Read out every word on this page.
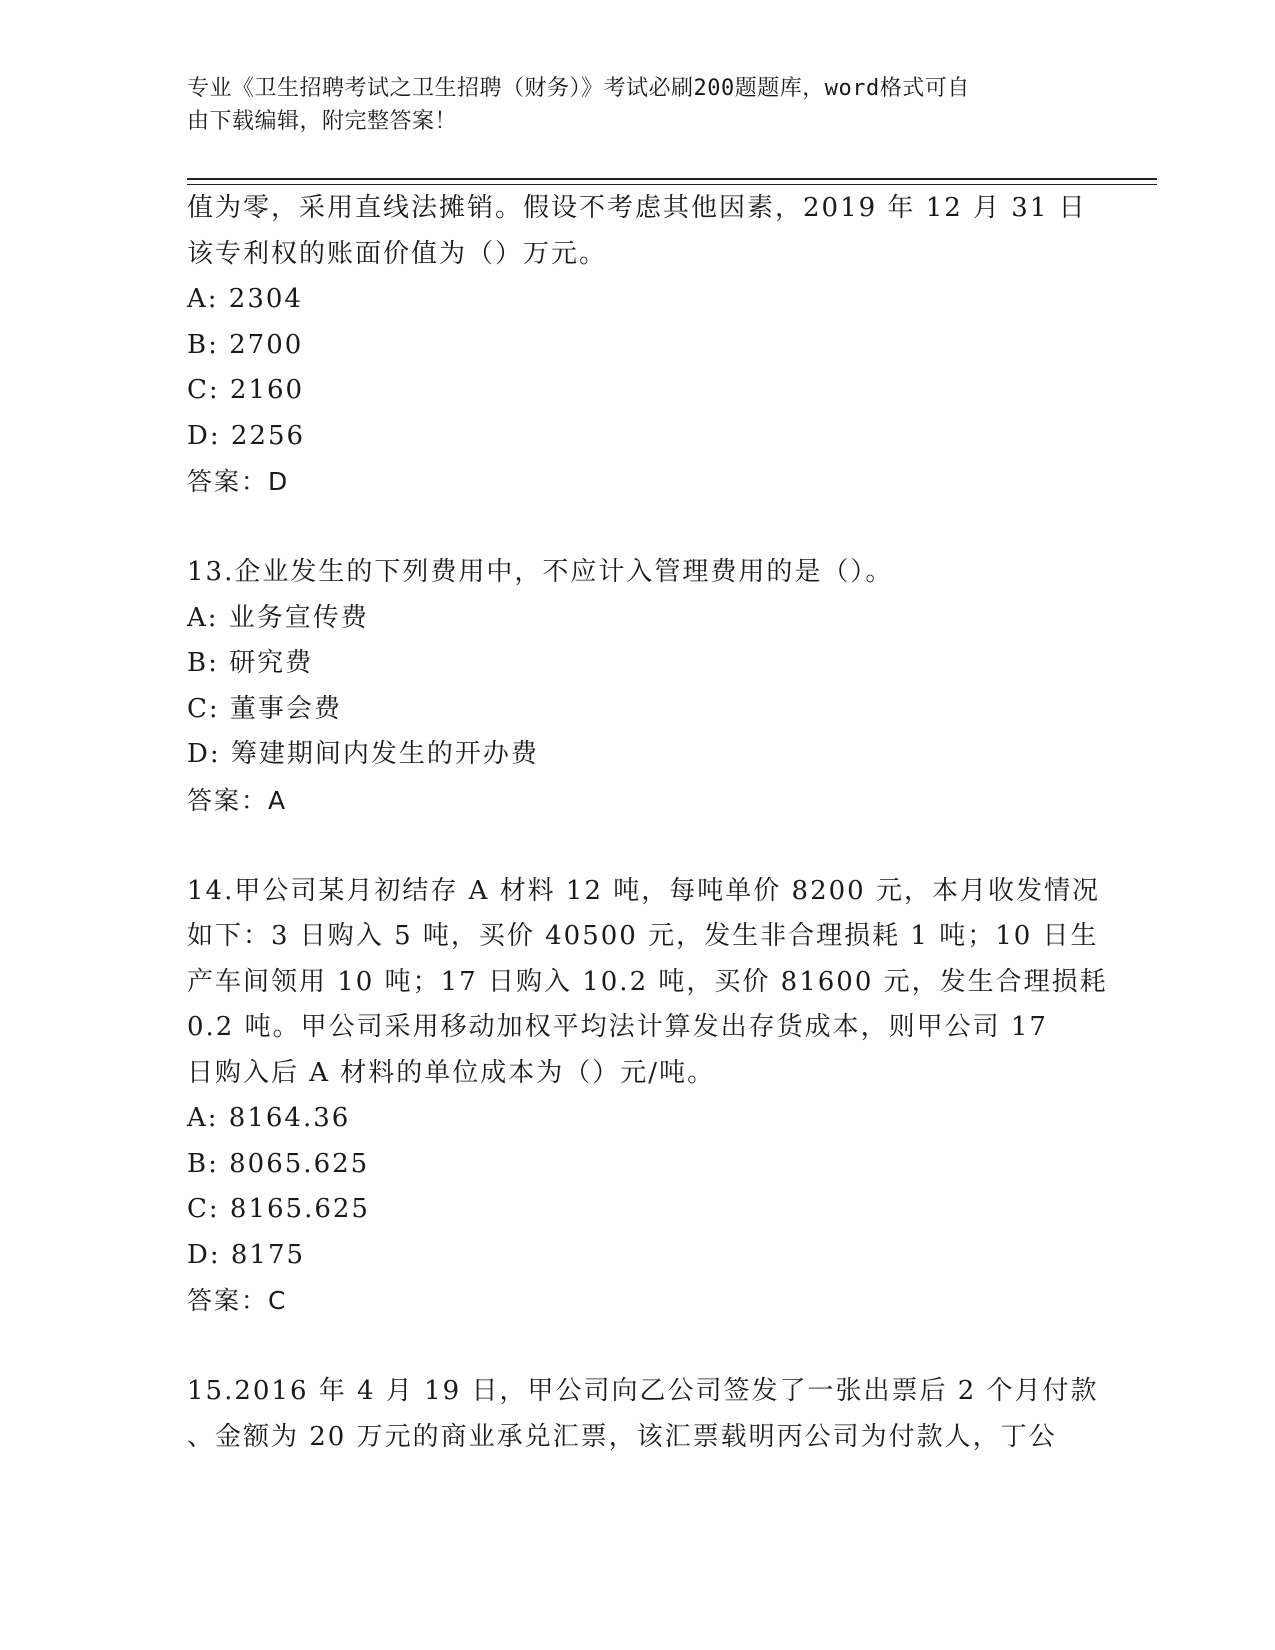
专业《卫生招聘考试之卫生招聘（财务）》考试必刷200题题库，word格式可自
由下载编辑，附完整答案！
值为零，采用直线法摊销。假设不考虑其他因素，2019 年 12 月 31 日
该专利权的账面价值为（）万元。
A: 2304
B: 2700
C: 2160
D: 2256
答案：D
13.企业发生的下列费用中，不应计入管理费用的是（）。
A: 业务宣传费
B: 研究费
C: 董事会费
D: 筹建期间内发生的开办费
答案：A
14.甲公司某月初结存 A 材料 12 吨，每吨单价 8200 元，本月收发情况
如下：3 日购入 5 吨，买价 40500 元，发生非合理损耗 1 吨；10 日生
产车间领用 10 吨；17 日购入 10.2 吨，买价 81600 元，发生合理损耗
0.2 吨。甲公司采用移动加权平均法计算发出存货成本，则甲公司 17
日购入后 A 材料的单位成本为（）元/吨。
A: 8164.36
B: 8065.625
C: 8165.625
D: 8175
答案：C
15.2016 年 4 月 19 日，甲公司向乙公司签发了一张出票后 2 个月付款
、金额为 20 万元的商业承兑汇票，该汇票载明丙公司为付款人，丁公
